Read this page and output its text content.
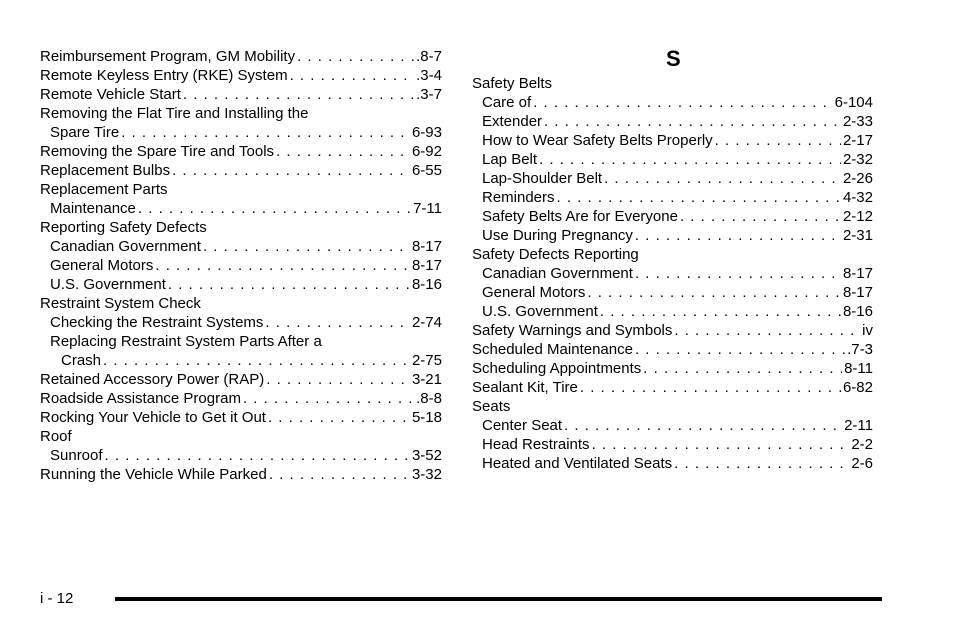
Reimbursement Program, GM Mobility . . .	.8-7
Remote Keyless Entry (RKE) System . . .	.3-4
Remote Vehicle Start . . .	.3-7
Removing the Flat Tire and Installing the
Spare Tire . . .	6-93
Removing the Spare Tire and Tools . . .	6-92
Replacement Bulbs . . .	6-55
Replacement Parts
Maintenance . . .	7-11
Reporting Safety Defects
Canadian Government . . .	8-17
General Motors . . .	8-17
U.S. Government . . .	8-16
Restraint System Check
Checking the Restraint Systems . . .	2-74
Replacing Restraint System Parts After a
Crash . . .	2-75
Retained Accessory Power (RAP) . . .	3-21
Roadside Assistance Program . . .	.8-8
Rocking Your Vehicle to Get it Out . . .	5-18
Roof
Sunroof . . .	3-52
Running the Vehicle While Parked . . .	3-32
S
Safety Belts
Care of . . .	6-104
Extender . . .	2-33
How to Wear Safety Belts Properly . . .	2-17
Lap Belt . . .	2-32
Lap-Shoulder Belt . . .	2-26
Reminders . . .	4-32
Safety Belts Are for Everyone . . .	2-12
Use During Pregnancy . . .	2-31
Safety Defects Reporting
Canadian Government . . .	8-17
General Motors . . .	8-17
U.S. Government . . .	8-16
Safety Warnings and Symbols . . .	iv
Scheduled Maintenance . . .	.7-3
Scheduling Appointments . . .	8-11
Sealant Kit, Tire . . .	6-82
Seats
Center Seat . . .	2-11
Head Restraints . . .	2-2
Heated and Ventilated Seats . . .	2-6
i - 12
